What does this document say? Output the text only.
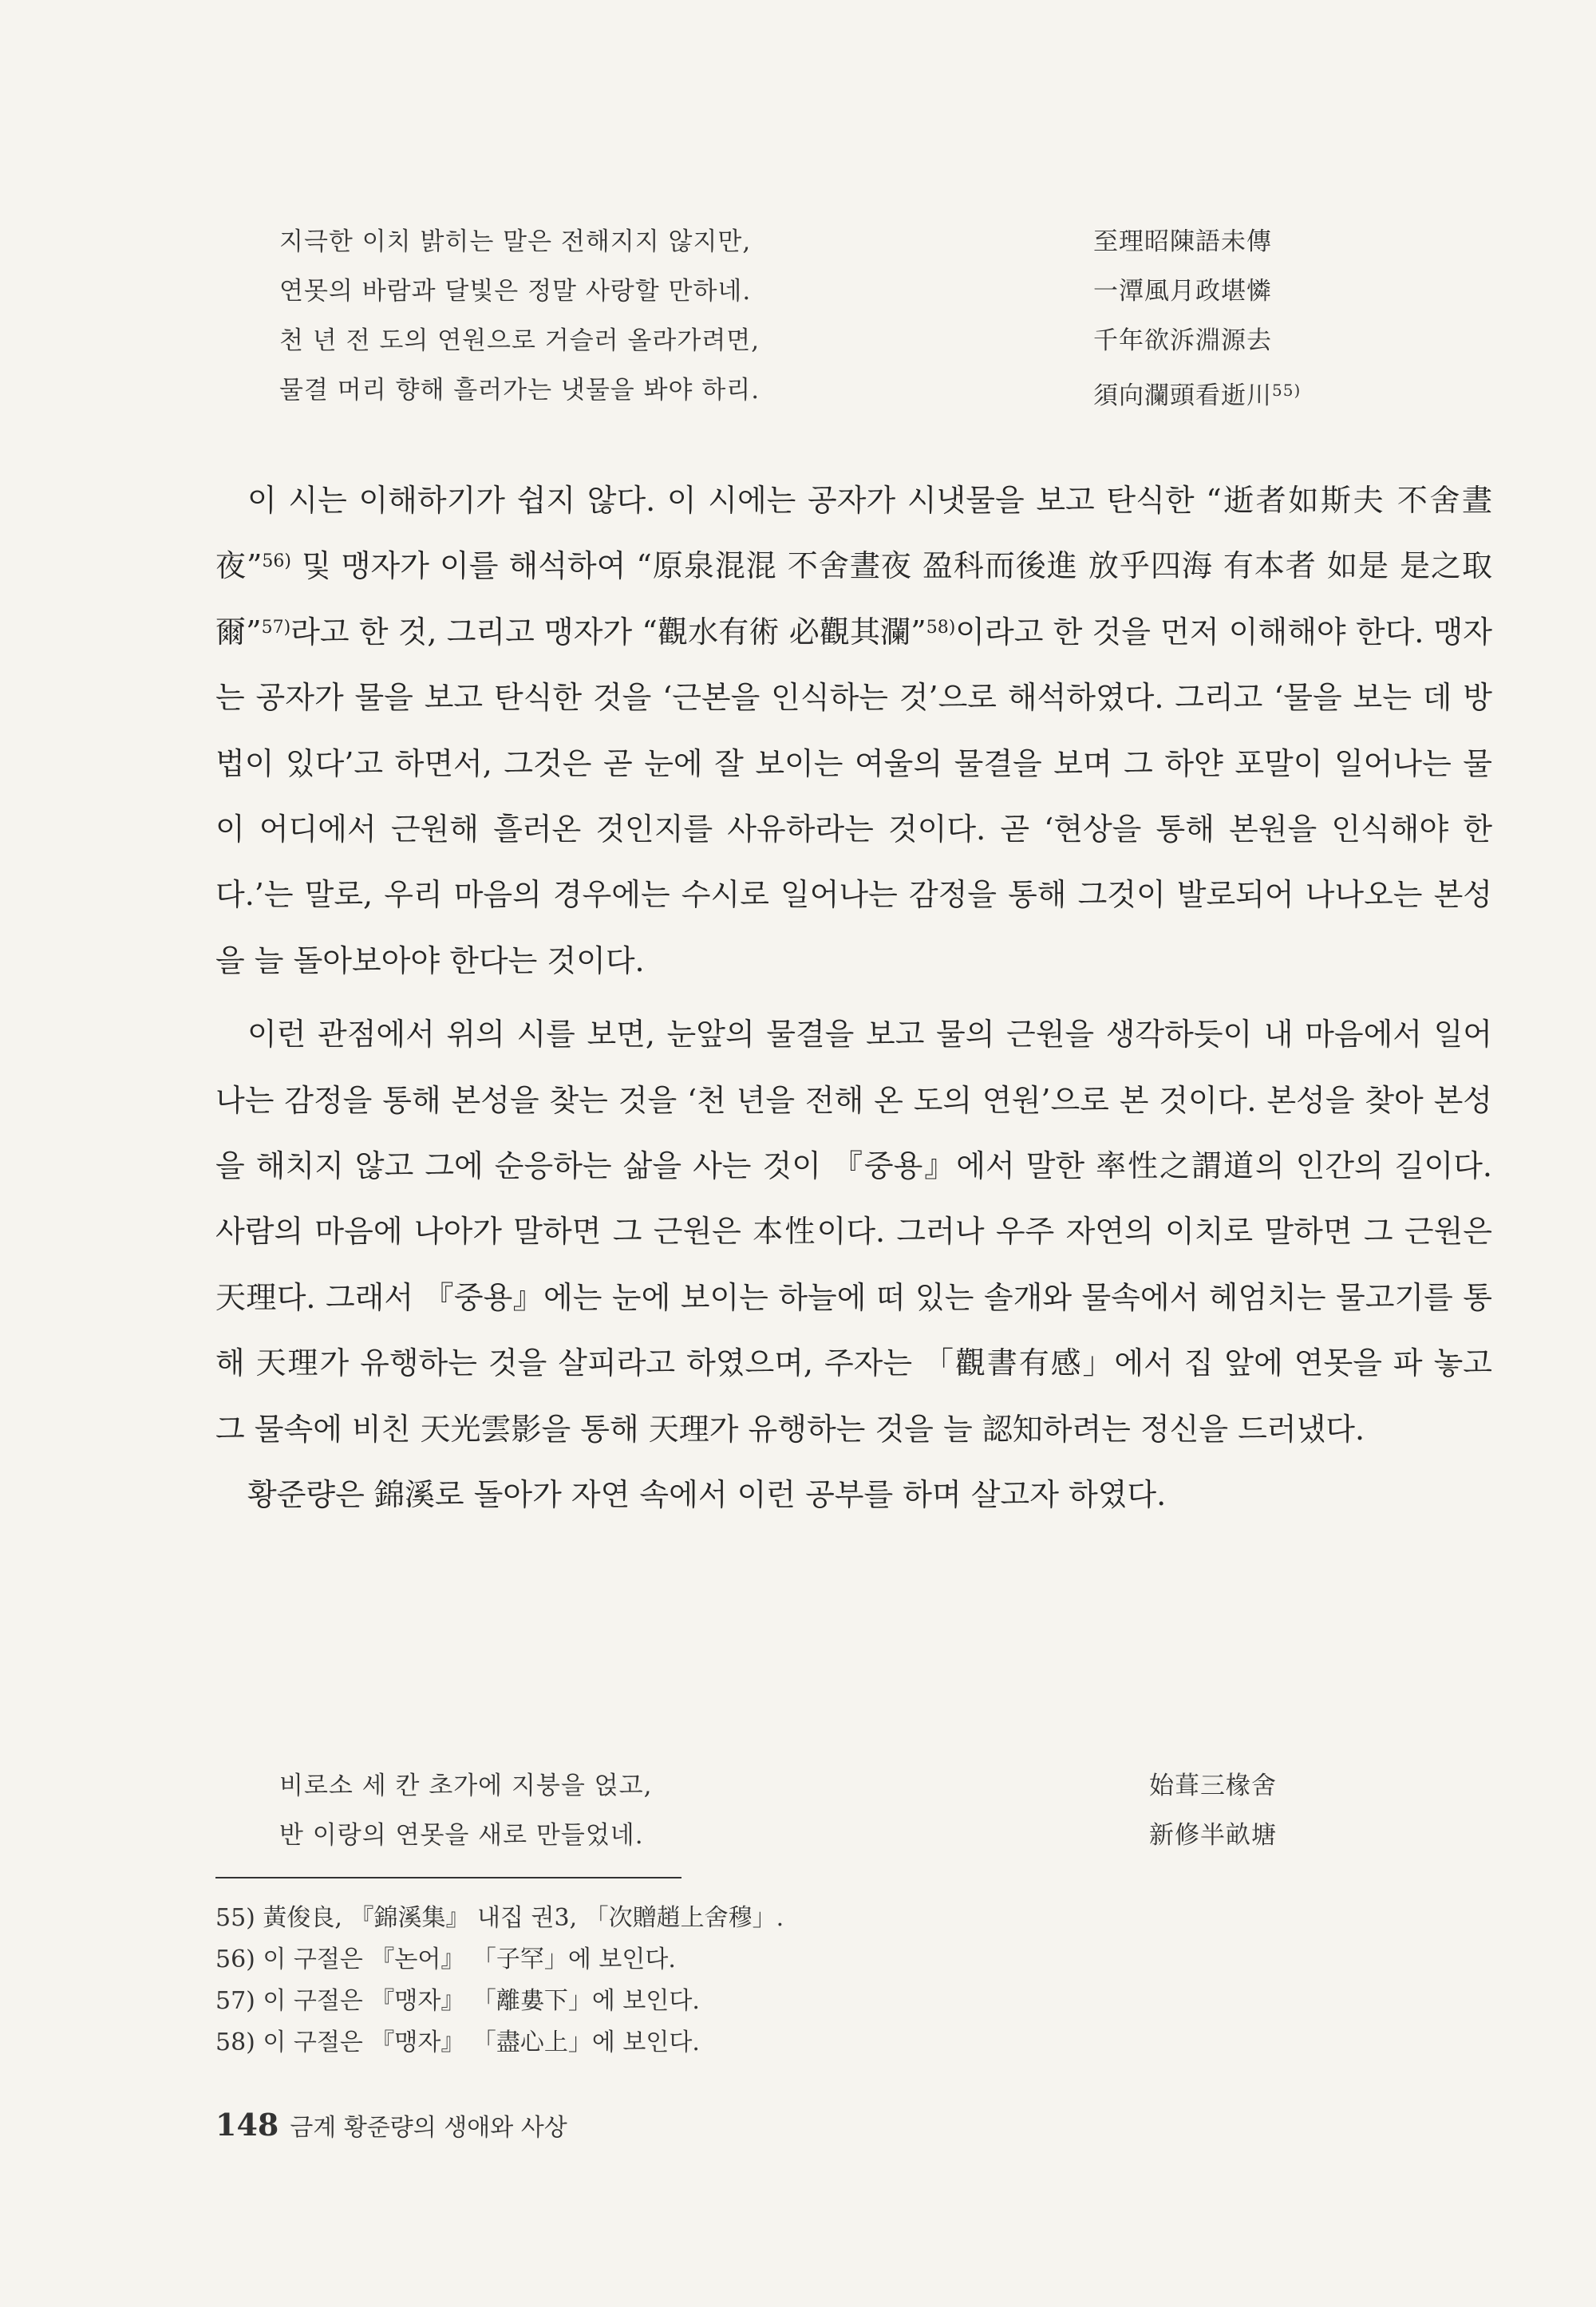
지극한 이치 밝히는 말은 전해지지 않지만,	至理昭陳語未傳
연못의 바람과 달빛은 정말 사랑할 만하네.	一潭風月政堪憐
천 년 전 도의 연원으로 거슬러 올라가려면,	千年欲泝淵源去
물결 머리 향해 흘러가는 냇물을 봐야 하리.	須向瀾頭看逝川$^{55)}$

이 시는 이해하기가 쉽지 않다. 이 시에는 공자가 시냇물을 보고 탄식한 “逝者如斯夫 不舍晝夜”$^{56)}$ 및 맹자가 이를 해석하여 “原泉混混 不舍晝夜 盈科而後進 放乎四海 有本者 如是 是之取爾”$^{57)}$라고 한 것, 그리고 맹자가 “觀水有術 必觀其瀾”$^{58)}$이라고 한 것을 먼저 이해해야 한다. 맹자는 공자가 물을 보고 탄식한 것을 ‘근본을 인식하는 것’으로 해석하였다. 그리고 ‘물을 보는 데 방법이 있다’고 하면서, 그것은 곧 눈에 잘 보이는 여울의 물결을 보며 그 하얀 포말이 일어나는 물이 어디에서 근원해 흘러온 것인지를 사유하라는 것이다. 곧 ‘현상을 통해 본원을 인식해야 한다.’는 말로, 우리 마음의 경우에는 수시로 일어나는 감정을 통해 그것이 발로되어 나나오는 본성을 늘 돌아보아야 한다는 것이다.

이런 관점에서 위의 시를 보면, 눈앞의 물결을 보고 물의 근원을 생각하듯이 내 마음에서 일어나는 감정을 통해 본성을 찾는 것을 ‘천 년을 전해 온 도의 연원’으로 본 것이다. 본성을 찾아 본성을 해치지 않고 그에 순응하는 삶을 사는 것이 『중용』에서 말한 率性之謂道의 인간의 길이다. 사람의 마음에 나아가 말하면 그 근원은 本性이다. 그러나 우주 자연의 이치로 말하면 그 근원은 天理다. 그래서 『중용』에는 눈에 보이는 하늘에 떠 있는 솔개와 물속에서 헤엄치는 물고기를 통해 天理가 유행하는 것을 살피라고 하였으며, 주자는 「觀書有感」에서 집 앞에 연못을 파 놓고 그 물속에 비친 天光雲影을 통해 天理가 유행하는 것을 늘 認知하려는 정신을 드러냈다.

황준량은 錦溪로 돌아가 자연 속에서 이런 공부를 하며 살고자 하였다.

비로소 세 칸 초가에 지붕을 얹고,	始葺三椽舍
반 이랑의 연못을 새로 만들었네.	新修半畝塘
55) 黃俊良, 『錦溪集』 내집 권3, 「次贈趙上舍穆」.
56) 이 구절은 『논어』 「子罕」에 보인다.
57) 이 구절은 『맹자』 「離婁下」에 보인다.
58) 이 구절은 『맹자』 「盡心上」에 보인다.
148 금계 황준량의 생애와 사상
